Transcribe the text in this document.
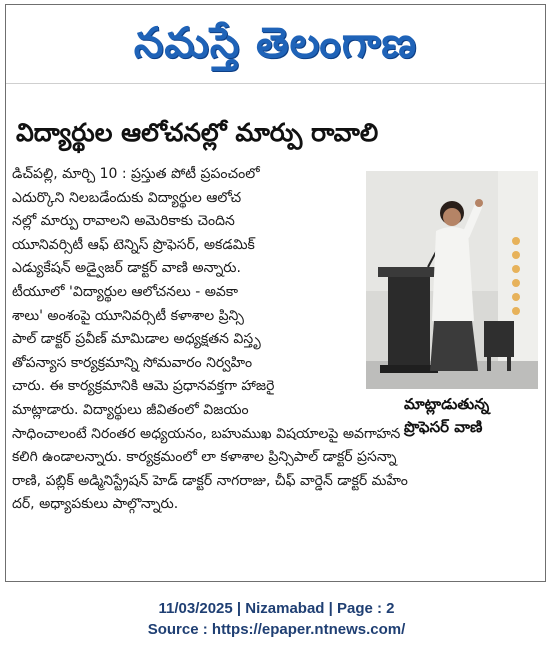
నమస్తే తెలంగాణ
విద్యార్థుల ఆలోచనల్లో మార్పు రావాలి
డిచ్‌పల్లి, మార్చి 10 : ప్రస్తుత పోటీ ప్రపంచంలో
ఎదుర్కొని నిలబడేందుకు విద్యార్థుల ఆలోచ
నల్లో మార్పు రావాలని అమెరికాకు చెందిన
యూనివర్సిటీ ఆఫ్ టెన్నిస్ ప్రొఫెసర్, అకడమిక్
ఎడ్యుకేషన్ అడ్వైజర్ డాక్టర్ వాణి అన్నారు.
టీయూలో 'విద్యార్థుల ఆలోచనలు - అవకా
శాలు' అంశంపై యూనివర్సిటీ కళాశాల ప్రిన్సి
పాల్ డాక్టర్ ప్రవీణ్ మామిడాల అధ్యక్షతన విస్తృ
తోపన్యాస కార్యక్రమాన్ని సోమవారం నిర్వహిం
చారు. ఈ కార్యక్రమానికి ఆమె ప్రధానవక్తగా హాజరై
మాట్లాడారు. విద్యార్థులు జీవితంలో విజయం
సాధించాలంటే నిరంతర అధ్యయనం, బహుముఖ విషయాలపై అవగాహన
కలిగి ఉండాలన్నారు. కార్యక్రమంలో లా కళాశాల ప్రిన్సిపాల్ డాక్టర్ ప్రసన్నా
రాణి, పబ్లిక్ అడ్మినిస్ట్రేషన్ హెడ్ డాక్టర్ నాగరాజు, చీఫ్ వార్డెన్ డాక్టర్ మహేం
దర్, అధ్యాపకులు పాల్గొన్నారు.
మాట్లాడుతున్న
ప్రొఫెసర్ వాణి
11/03/2025 | Nizamabad | Page : 2
Source : https://epaper.ntnews.com/
